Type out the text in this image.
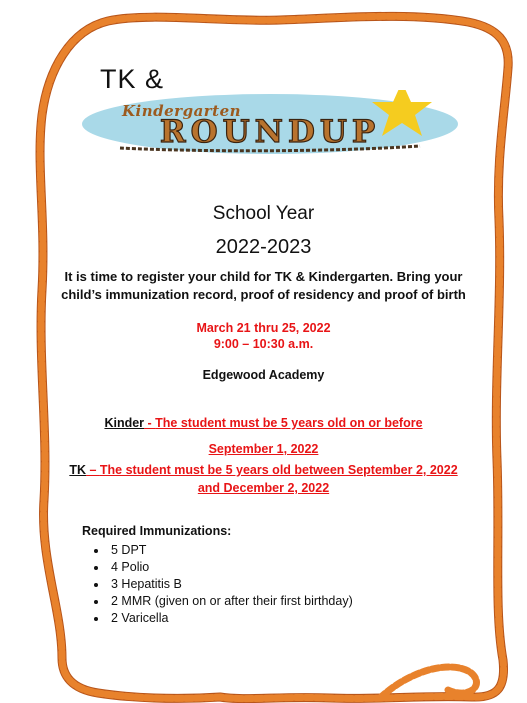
TK &
Kindergarten
ROUNDUP
School Year
2022-2023
It is time to register your child for TK & Kindergarten. Bring your
child’s immunization record, proof of residency and proof of birth
March 21 thru 25, 2022
9:00 – 10:30 a.m.
Edgewood Academy
Kinder - The student must be 5 years old on or before
September 1, 2022
TK – The student must be 5 years old between September 2, 2022
and December 2, 2022
Required Immunizations:
5 DPT
4 Polio
3 Hepatitis B
2 MMR (given on or after their first birthday)
2 Varicella
